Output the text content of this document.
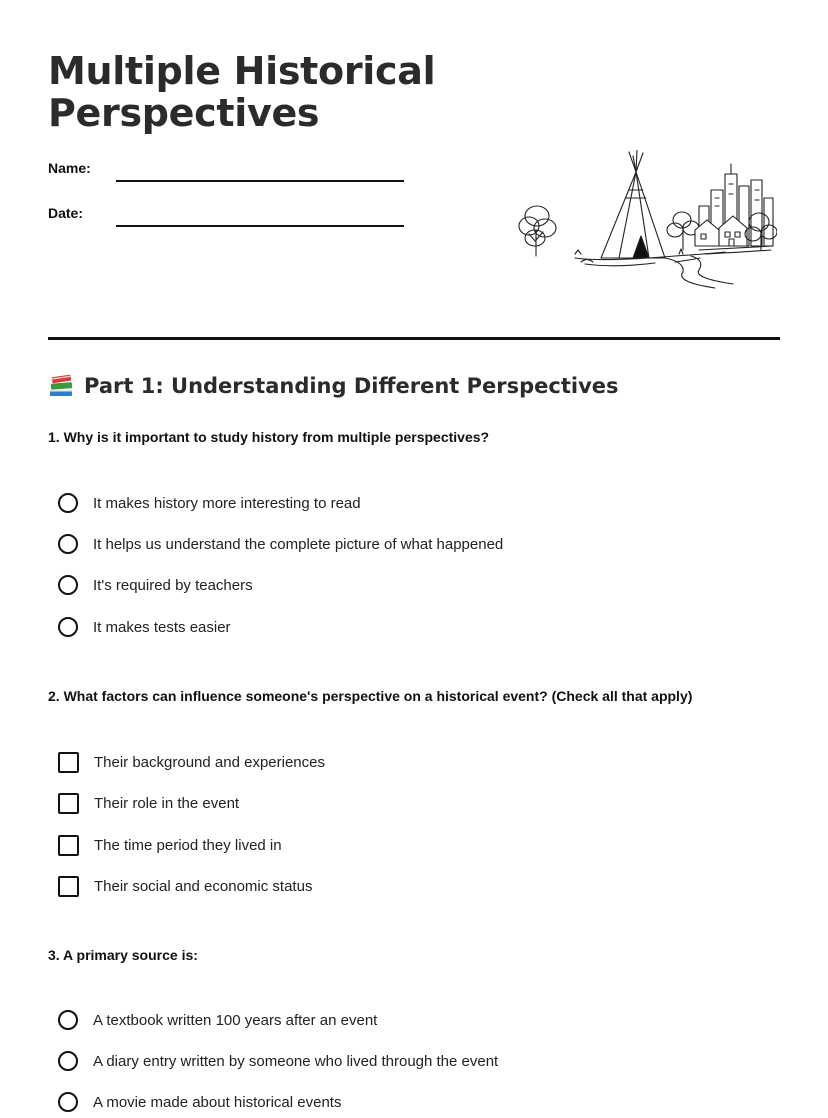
Multiple Historical
Perspectives
Name:
Date:
Part 1: Understanding Different Perspectives

1. Why is it important to study history from multiple perspectives?

It makes history more interesting to read
It helps us understand the complete picture of what happened
It's required by teachers
It makes tests easier

2. What factors can influence someone's perspective on a historical event? (Check all that apply)

Their background and experiences
Their role in the event
The time period they lived in
Their social and economic status

3. A primary source is:

A textbook written 100 years after an event
A diary entry written by someone who lived through the event
A movie made about historical events
